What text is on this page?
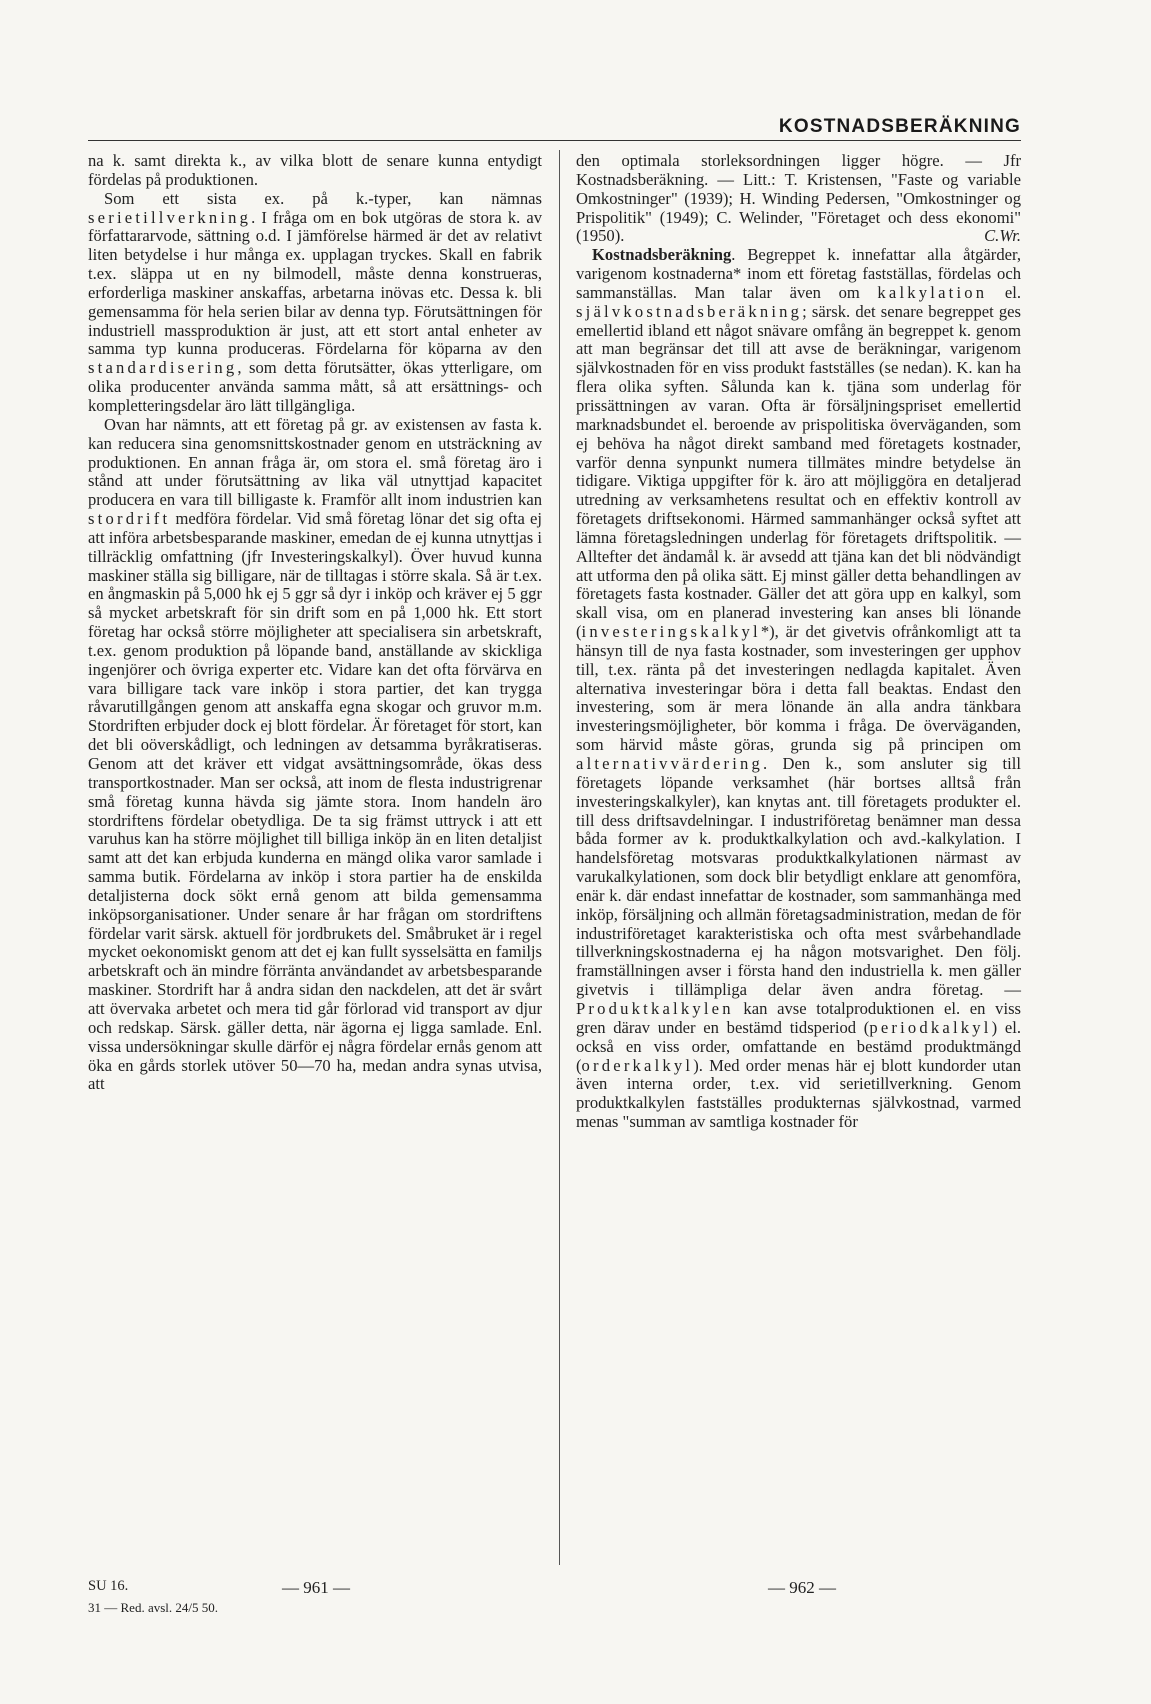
KOSTNADSBERÄKNING

na k. samt direkta k., av vilka blott de senare kunna entydigt fördelas på produktionen.

Som ett sista ex. på k.-typer, kan nämnas serietillverkning. I fråga om en bok utgöras de stora k. av författararvode, sättning o.d. I jämförelse härmed är det av relativt liten betydelse i hur många ex. upplagan tryckes. Skall en fabrik t.ex. släppa ut en ny bilmodell, måste denna konstrueras, erforderliga maskiner anskaffas, arbetarna inövas etc. Dessa k. bli gemensamma för hela serien bilar av denna typ. Förutsättningen för industriell massproduktion är just, att ett stort antal enheter av samma typ kunna produceras. Fördelarna för köparna av den standardisering, som detta förutsätter, ökas ytterligare, om olika producenter använda samma mått, så att ersättnings- och kompletteringsdelar äro lätt tillgängliga.

Ovan har nämnts, att ett företag på gr. av existensen av fasta k. kan reducera sina genomsnittskostnader genom en utsträckning av produktionen. En annan fråga är, om stora el. små företag äro i stånd att under förutsättning av lika väl utnyttjad kapacitet producera en vara till billigaste k. Framför allt inom industrien kan stordrift medföra fördelar. Vid små företag lönar det sig ofta ej att införa arbetsbesparande maskiner, emedan de ej kunna utnyttjas i tillräcklig omfattning (jfr Investeringskalkyl). Över huvud kunna maskiner ställa sig billigare, när de tilltagas i större skala. Så är t.ex. en ångmaskin på 5,000 hk ej 5 ggr så dyr i inköp och kräver ej 5 ggr så mycket arbetskraft för sin drift som en på 1,000 hk. Ett stort företag har också större möjligheter att specialisera sin arbetskraft, t.ex. genom produktion på löpande band, anställande av skickliga ingenjörer och övriga experter etc. Vidare kan det ofta förvärva en vara billigare tack vare inköp i stora partier, det kan trygga råvarutillgången genom att anskaffa egna skogar och gruvor m.m. Stordriften erbjuder dock ej blott fördelar. Är företaget för stort, kan det bli oöverskådligt, och ledningen av detsamma byråkratiseras. Genom att det kräver ett vidgat avsättningsområde, ökas dess transportkostnader. Man ser också, att inom de flesta industrigrenar små företag kunna hävda sig jämte stora. Inom handeln äro stordriftens fördelar obetydliga. De ta sig främst uttryck i att ett varuhus kan ha större möjlighet till billiga inköp än en liten detaljist samt att det kan erbjuda kunderna en mängd olika varor samlade i samma butik. Fördelarna av inköp i stora partier ha de enskilda detaljisterna dock sökt ernå genom att bilda gemensamma inköpsorganisationer. Under senare år har frågan om stordriftens fördelar varit särsk. aktuell för jordbrukets del. Småbruket är i regel mycket oekonomiskt genom att det ej kan fullt sysselsätta en familjs arbetskraft och än mindre förränta användandet av arbetsbesparande maskiner. Stordrift har å andra sidan den nackdelen, att det är svårt att övervaka arbetet och mera tid går förlorad vid transport av djur och redskap. Särsk. gäller detta, när ägorna ej ligga samlade. Enl. vissa undersökningar skulle därför ej några fördelar ernås genom att öka en gårds storlek utöver 50—70 ha, medan andra synas utvisa, att

den optimala storleksordningen ligger högre. — Jfr Kostnadsberäkning. — Litt.: T. Kristensen, "Faste og variable Omkostninger" (1939); H. Winding Pedersen, "Omkostninger og Prispolitik" (1949); C. Welinder, "Företaget och dess ekonomi" (1950).	C.Wr.

Kostnadsberäkning. Begreppet k. innefattar alla åtgärder, varigenom kostnaderna* inom ett företag fastställas, fördelas och sammanställas. Man talar även om kalkylation el. självkostnadsberäkning; särsk. det senare begreppet ges emellertid ibland ett något snävare omfång än begreppet k. genom att man begränsar det till att avse de beräkningar, varigenom självkostnaden för en viss produkt fastställes (se nedan). K. kan ha flera olika syften. Sålunda kan k. tjäna som underlag för prissättningen av varan. Ofta är försäljningspriset emellertid marknadsbundet el. beroende av prispolitiska överväganden, som ej behöva ha något direkt samband med företagets kostnader, varför denna synpunkt numera tillmätes mindre betydelse än tidigare. Viktiga uppgifter för k. äro att möjliggöra en detaljerad utredning av verksamhetens resultat och en effektiv kontroll av företagets driftsekonomi. Härmed sammanhänger också syftet att lämna företagsledningen underlag för företagets driftspolitik. — Alltefter det ändamål k. är avsedd att tjäna kan det bli nödvändigt att utforma den på olika sätt. Ej minst gäller detta behandlingen av företagets fasta kostnader. Gäller det att göra upp en kalkyl, som skall visa, om en planerad investering kan anses bli lönande (investeringskalkyl*), är det givetvis ofrånkomligt att ta hänsyn till de nya fasta kostnader, som investeringen ger upphov till, t.ex. ränta på det investeringen nedlagda kapitalet. Även alternativa investeringar böra i detta fall beaktas. Endast den investering, som är mera lönande än alla andra tänkbara investeringsmöjligheter, bör komma i fråga. De överväganden, som härvid måste göras, grunda sig på principen om alternativvärdering. Den k., som ansluter sig till företagets löpande verksamhet (här bortses alltså från investeringskalkyler), kan knytas ant. till företagets produkter el. till dess driftsavdelningar. I industriföretag benämner man dessa båda former av k. produktkalkylation och avd.-kalkylation. I handelsföretag motsvaras produktkalkylationen närmast av varukalkylationen, som dock blir betydligt enklare att genomföra, enär k. där endast innefattar de kostnader, som sammanhänga med inköp, försäljning och allmän företagsadministration, medan de för industriföretaget karakteristiska och ofta mest svårbehandlade tillverkningskostnaderna ej ha någon motsvarighet. Den följ. framställningen avser i första hand den industriella k. men gäller givetvis i tillämpliga delar även andra företag. — Produktkalkylen kan avse totalproduktionen el. en viss gren därav under en bestämd tidsperiod (periodkalkyl) el. också en viss order, omfattande en bestämd produktmängd (orderkalkyl). Med order menas här ej blott kundorder utan även interna order, t.ex. vid serietillverkning. Genom produktkalkylen fastställes produkternas självkostnad, varmed menas "summan av samtliga kostnader för

SU 16.
31 — Red. avsl. 24/5 50.
— 961 —	— 962 —
